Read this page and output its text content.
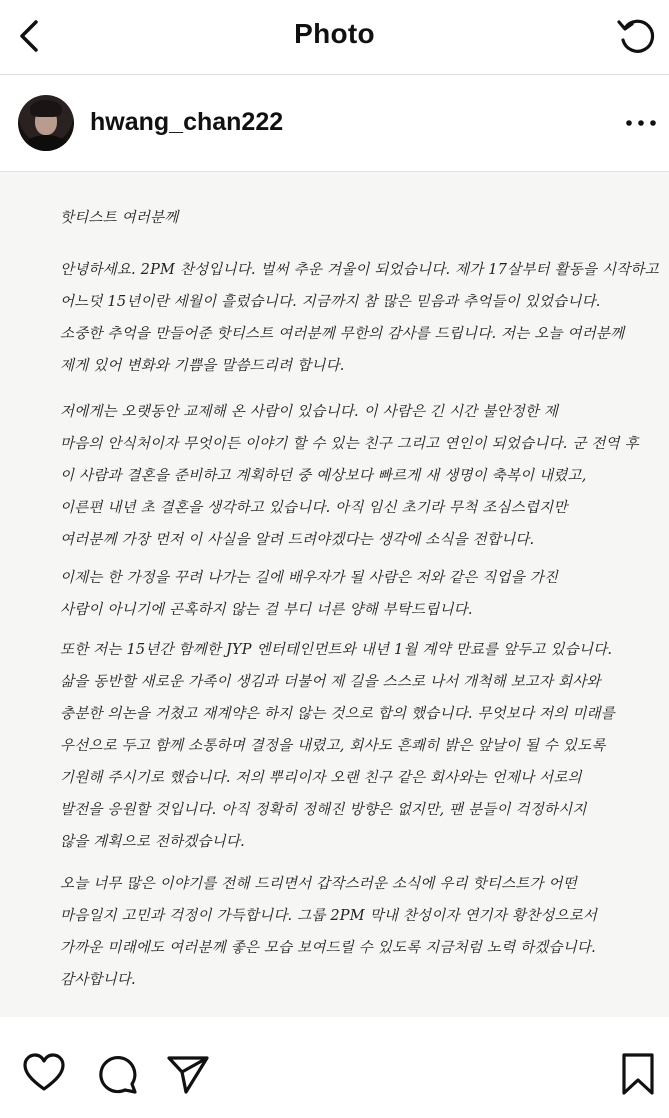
Photo
hwang_chan222
핫티스트 여러분께
안녕하세요. 2PM 찬성입니다. 벌써 추운 겨울이 되었습니다. 제가 17살부터 활동을 시작하고
어느덧 15년이란 세월이 흘렀습니다. 지금까지 참 많은 믿음과 추억들이 있었습니다.
소중한 추억을 만들어준 핫티스트 여러분께 무한의 감사를 드립니다. 저는 오늘 여러분께
제게 있어 변화와 기쁨을 말씀드리려 합니다.
저에게는 오랫동안 교제해 온 사람이 있습니다. 이 사람은 긴 시간 불안정한 제
마음의 안식처이자 무엇이든 이야기 할 수 있는 친구 그리고 연인이 되었습니다. 군 전역 후
이 사람과 결혼을 준비하고 계획하던 중 예상보다 빠르게 새 생명이 축복이 내렸고,
이른편 내년 초 결혼을 생각하고 있습니다. 아직 임신 초기라 무척 조심스럽지만
여러분께 가장 먼저 이 사실을 알려 드려야겠다는 생각에 소식을 전합니다.
이제는 한 가정을 꾸려 나가는 길에 배우자가 될 사람은 저와 같은 직업을 가진
사람이 아니기에 곤혹하지 않는 걸 부디 너른 양해 부탁드립니다.
또한 저는 15년간 함께한 JYP 엔터테인먼트와 내년 1월 계약 만료를 앞두고 있습니다.
삶을 동반할 새로운 가족이 생김과 더불어 제 길을 스스로 나서 개척해 보고자 회사와
충분한 의논을 거쳤고 재계약은 하지 않는 것으로 합의 했습니다. 무엇보다 저의 미래를
우선으로 두고 함께 소통하며 결정을 내렸고, 회사도 흔쾌히 밝은 앞날이 될 수 있도록
기원해 주시기로 했습니다. 저의 뿌리이자 오랜 친구 같은 회사와는 언제나 서로의
발전을 응원할 것입니다. 아직 정확히 정해진 방향은 없지만, 팬 분들이 걱정하시지
않을 계획으로 전하겠습니다.
오늘 너무 많은 이야기를 전해 드리면서 갑작스러운 소식에 우리 핫티스트가 어떤
마음일지 고민과 걱정이 가득합니다. 그룹 2PM 막내 찬성이자 연기자 황찬성으로서
가까운 미래에도 여러분께 좋은 모습 보여드릴 수 있도록 지금처럼 노력 하겠습니다.
감사합니다.
